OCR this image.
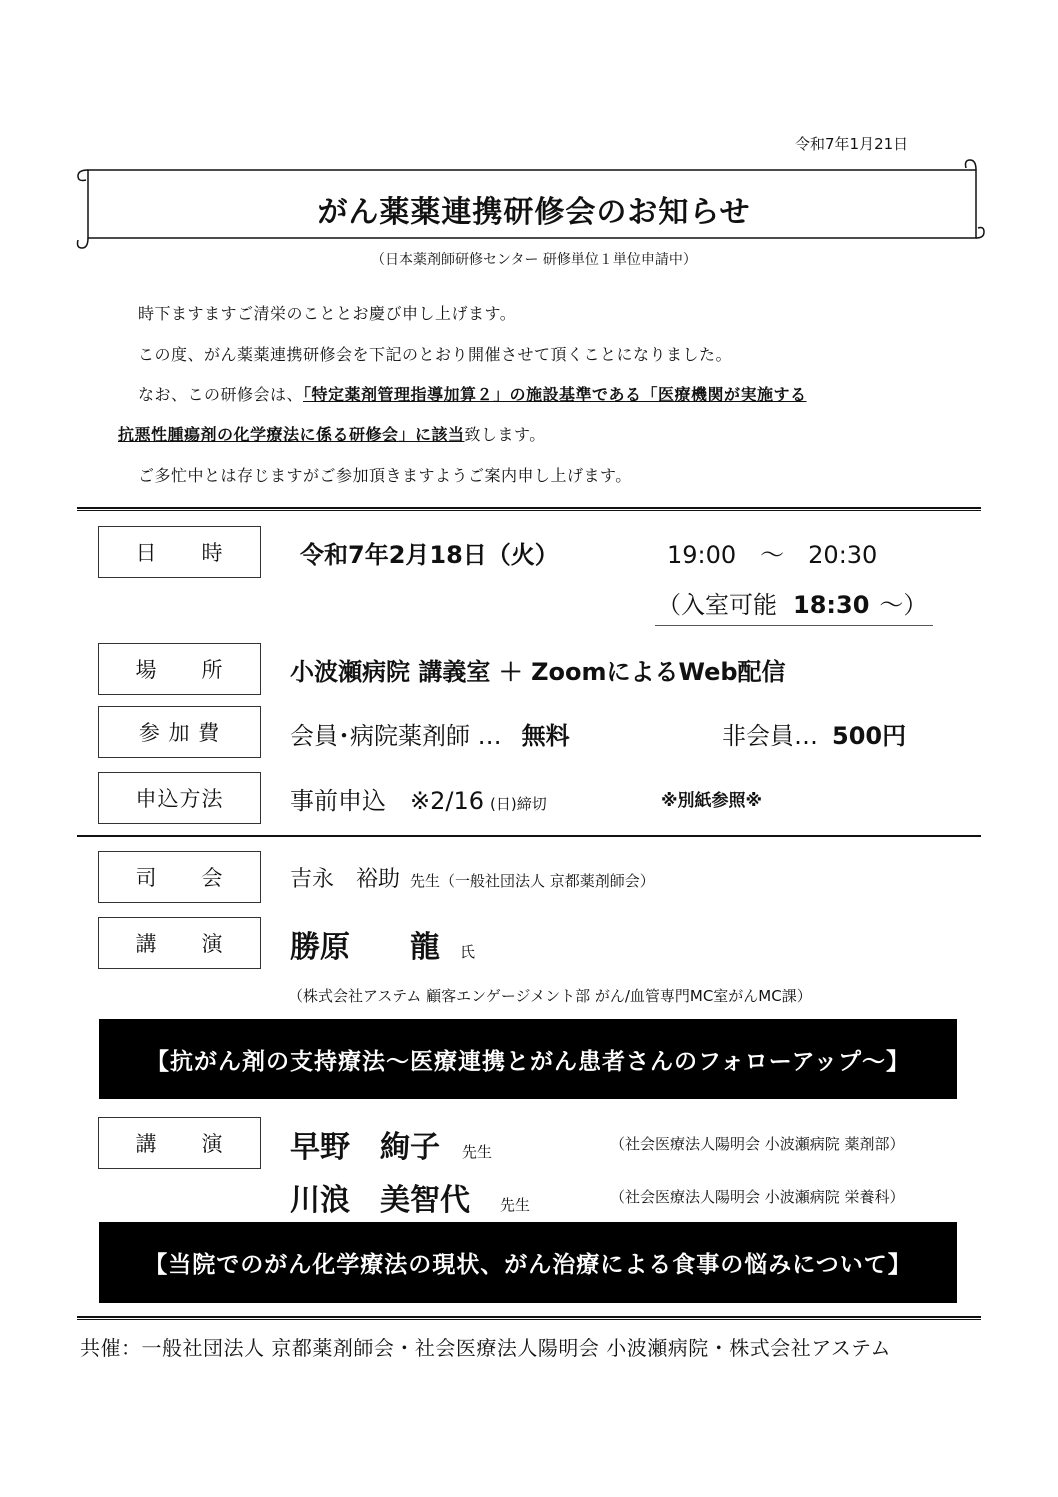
令和7年1月21日
がん薬薬連携研修会のお知らせ
（日本薬剤師研修センター 研修単位１単位申請中）
時下ますますご清栄のこととお慶び申し上げます。
この度、がん薬薬連携研修会を下記のとおり開催させて頂くことになりました。
なお、この研修会は、「特定薬剤管理指導加算２」の施設基準である「医療機関が実施する
抗悪性腫瘍剤の化学療法に係る研修会」に該当致します。
ご多忙中とは存じますがご参加頂きますようご案内申し上げます。
日　　時	令和7年2月18日（火）	19:00　～　20:30
（入室可能 18:30 ～）
場　　所	小波瀬病院 講義室 ＋ ZoomによるWeb配信
参 加 費	会員･病院薬剤師 … 無料	非会員… 500円
申込方法	事前申込　※2/16 (日)締切	※別紙参照※
司　　会	吉永　裕助 先生（一般社団法人 京都薬剤師会）
講　　演 勝原　　龍 氏
（株式会社アステム 顧客エンゲージメント部 がん/血管専門MC室がんMC課）
【抗がん剤の支持療法～医療連携とがん患者さんのフォローアップ～】
講　　演 早野　絢子 先生	（社会医療法人陽明会 小波瀬病院 薬剤部）
川浪　美智代 先生	（社会医療法人陽明会 小波瀬病院 栄養科）
【当院でのがん化学療法の現状、がん治療による食事の悩みについて】
共催：一般社団法人 京都薬剤師会・社会医療法人陽明会 小波瀬病院・株式会社アステム
